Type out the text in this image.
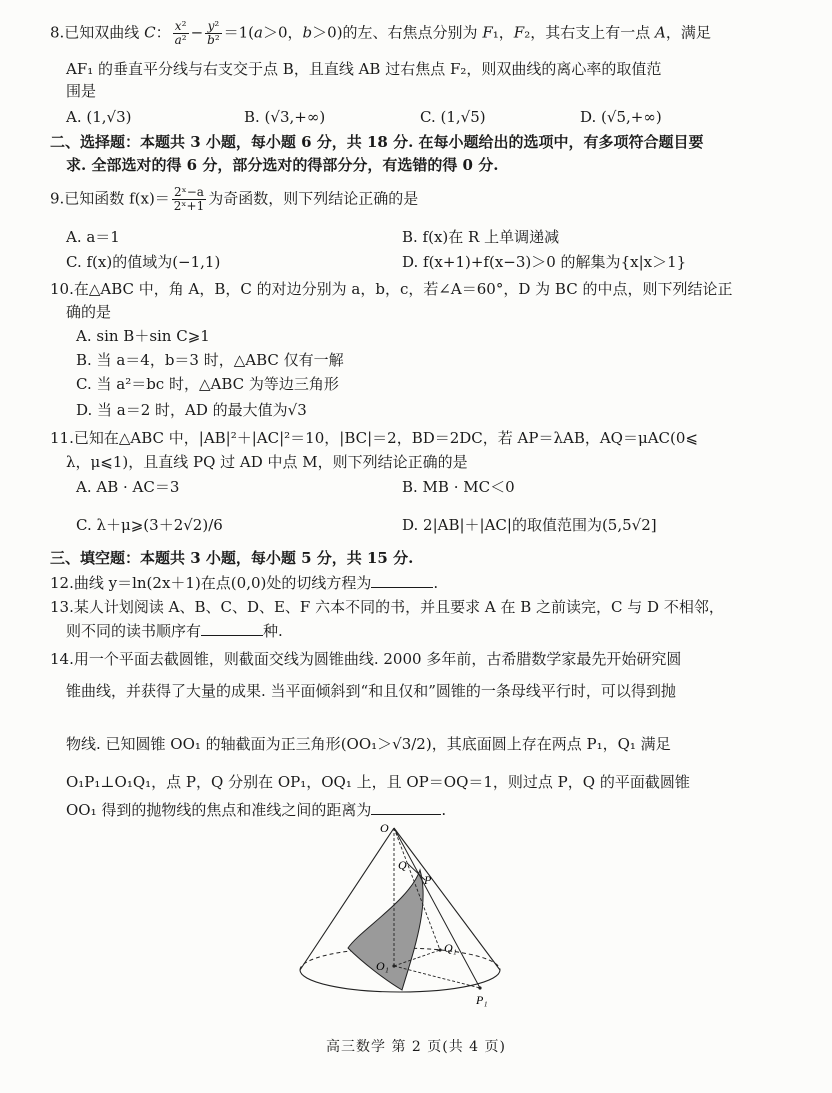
8.已知双曲线 C： $\frac{\text{x²}}{\text{a²}} - \frac{\text{y²}}{\text{b²}} =1(a>0$，b＞0)的左、右焦点分别为 F₁，F₂，其右支上有一点 A，满足
AF₁ 的垂直平分线与右支交于点 B，且直线 AB 过右焦点 F₂，则双曲线的离心率的取值范
围是
A. (1,√3)	B. (√3,+∞)	C. (1,√5)	D. (√5,+∞)
二、选择题：本题共 3 小题，每小题 6 分，共 18 分. 在每小题给出的选项中，有多项符合题目要
求. 全部选对的得 6 分，部分选对的得部分分，有选错的得 0 分.
9.已知函数 $f(x)= \frac{\text{2ˣ−a}}{\text{2ˣ+1}}$ 为奇函数，则下列结论正确的是
A. a＝1	B. f(x)在 R 上单调递减
C. f(x)的值域为(−1,1)	D. f(x+1)+f(x−3)＞0 的解集为{x|x＞1}
10.在△ABC 中，角 A，B，C 的对边分别为 a，b，c，若∠A＝60°，D 为 BC 的中点，则下列结论正
确的是
A. sin B＋sin C⩾1
B. 当 a＝4，b＝3 时，△ABC 仅有一解
C. 当 a²＝bc 时，△ABC 为等边三角形
D. 当 a＝2 时，AD 的最大值为√3
11.已知在△ABC 中，|AB|²＋|AC|²＝10，|BC|＝2，BD＝2DC，若 AP＝λAB，AQ＝μAC(0⩽
λ，μ⩽1)，且直线 PQ 过 AD 中点 M，则下列结论正确的是
A. AB · AC＝3	B. MB · MC＜0
C. λ＋μ⩾(3＋2√2)/6	D. 2|AB|＋|AC|的取值范围为(5,5√2]
三、填空题：本题共 3 小题，每小题 5 分，共 15 分.
12.曲线 y＝ln(2x＋1)在点(0,0)处的切线方程为	.
13.某人计划阅读 A、B、C、D、E、F 六本不同的书，并且要求 A 在 B 之前读完，C 与 D 不相邻，
则不同的读书顺序有	种.
14.用一个平面去截圆锥，则截面交线为圆锥曲线. 2000 多年前，古希腊数学家最先开始研究圆
锥曲线，并获得了大量的成果. 当平面倾斜到“和且仅和”圆锥的一条母线平行时，可以得到抛
物线. 已知圆锥 OO₁ 的轴截面为正三角形(OO₁＞√3/2)，其底面圆上存在两点 P₁，Q₁ 满足
O₁P₁⊥O₁Q₁，点 P，Q 分别在 OP₁，OQ₁ 上，且 OP＝OQ＝1，则过点 P，Q 的平面截圆锥
OO₁ 得到的抛物线的焦点和准线之间的距离为	.
O
Q
P
Q₁
O₁
P₁
高三数学 第 2 页(共 4 页)
